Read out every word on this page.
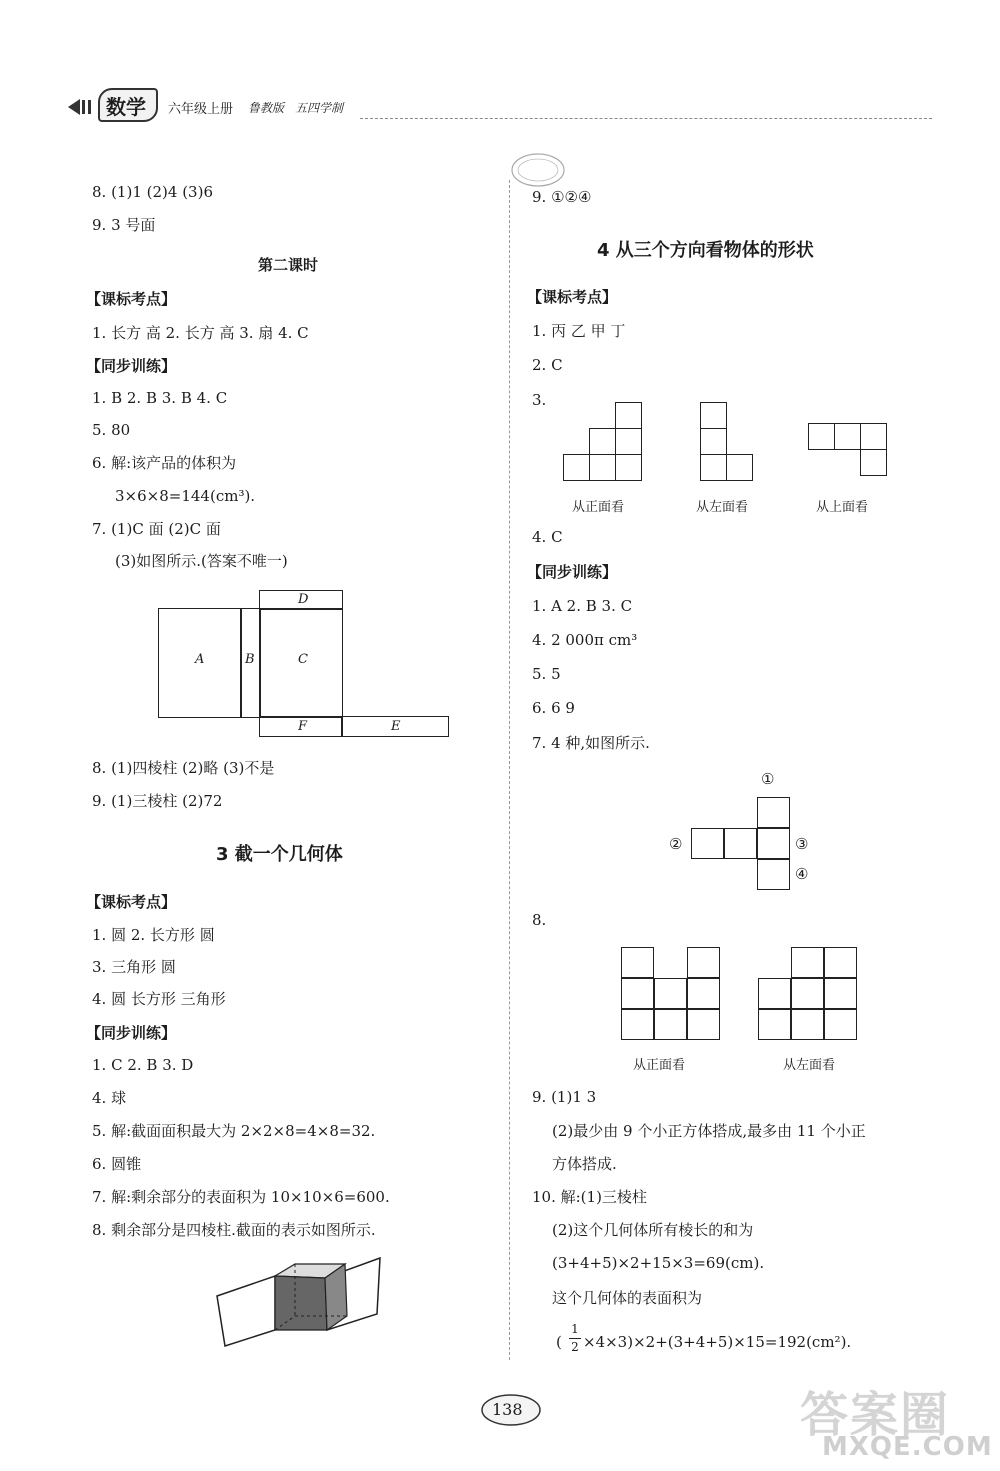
数学 六年级上册 鲁教版 五四学制
8. (1)1 (2)4 (3)6
9. 3 号面
第二课时
【课标考点】
1. 长方 高 2. 长方 高 3. 扇 4. C
【同步训练】
1. B 2. B 3. B 4. C
5. 80
6. 解:该产品的体积为
3×6×8=144(cm³).
7. (1)C 面 (2)C 面
(3)如图所示.(答案不唯一)
A	B	C
D
F	E
8. (1)四棱柱 (2)略 (3)不是
9. (1)三棱柱 (2)72
3 截一个几何体
【课标考点】
1. 圆 2. 长方形 圆
3. 三角形 圆
4. 圆 长方形 三角形
【同步训练】
1. C 2. B 3. D
4. 球
5. 解:截面面积最大为 2×2×8=4×8=32.
6. 圆锥
7. 解:剩余部分的表面积为 10×10×6=600.
8. 剩余部分是四棱柱.截面的表示如图所示.
9. ①②④
4 从三个方向看物体的形状
【课标考点】
1. 丙 乙 甲 丁
2. C
3.
从正面看	从左面看	从上面看
4. C
【同步训练】
1. A 2. B 3. C
4. 2 000π cm³
5. 5
6. 6 9
7. 4 种,如图所示.
①
②	③
④
8.
从正面看	从左面看
9. (1)1 3
(2)最少由 9 个小正方体搭成,最多由 11 个小正
方体搭成.
10. 解:(1)三棱柱
(2)这个几何体所有棱长的和为
(3+4+5)×2+15×3=69(cm).
这个几何体的表面积为
(
1
2 ×4×3)×2+(3+4+5)×15=192(cm²).
138	答案圈
MXQE.COM
